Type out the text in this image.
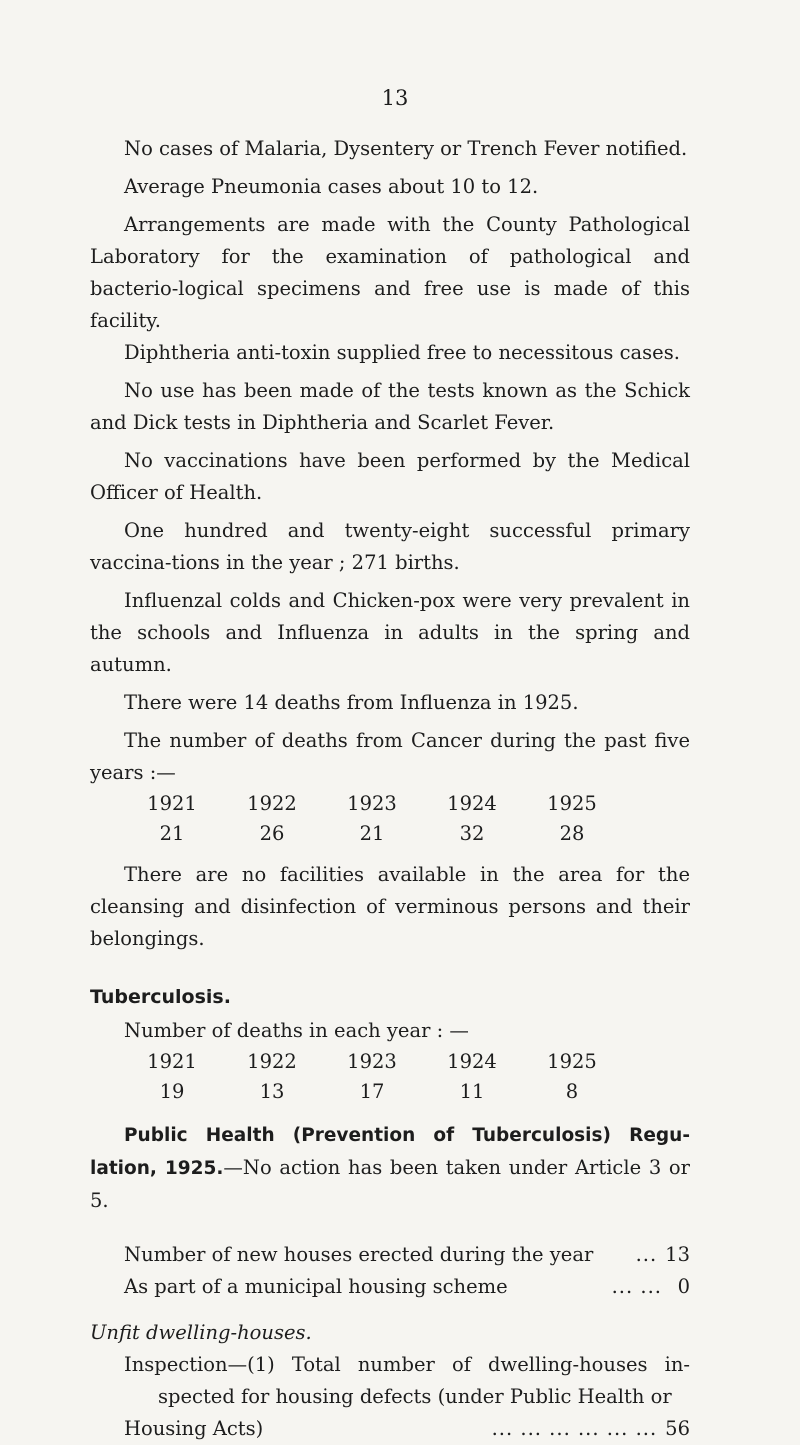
13

No cases of Malaria, Dysentery or Trench Fever notified.

Average Pneumonia cases about 10 to 12.

Arrangements are made with the County Pathological Laboratory for the examination of pathological and bacterio-logical specimens and free use is made of this facility.

Diphtheria anti-toxin supplied free to necessitous cases.

No use has been made of the tests known as the Schick and Dick tests in Diphtheria and Scarlet Fever.

No vaccinations have been performed by the Medical Officer of Health.

One hundred and twenty-eight successful primary vaccina-tions in the year ; 271 births.

Influenzal colds and Chicken-pox were very prevalent in the schools and Influenza in adults in the spring and autumn.

There were 14 deaths from Influenza in 1925.

The number of deaths from Cancer during the past five years :—

1921	1922	1923	1924	1925
21	26	21	32	28

There are no facilities available in the area for the cleansing and disinfection of verminous persons and their belongings.

Tuberculosis.
Number of deaths in each year : —
1921	1922	1923	1924	1925
19	13	17	11	8

Public Health (Prevention of Tuberculosis) Regu-lation, 1925.—No action has been taken under Article 3 or 5.

Number of new houses erected during the year	... 13
As part of a municipal housing scheme	... ... 0
Unfit dwelling-houses.
Inspection—(1) Total number of dwelling-houses in-spected for housing defects (under Public Health or
Housing Acts)	... ... ... ... ... ... 56
